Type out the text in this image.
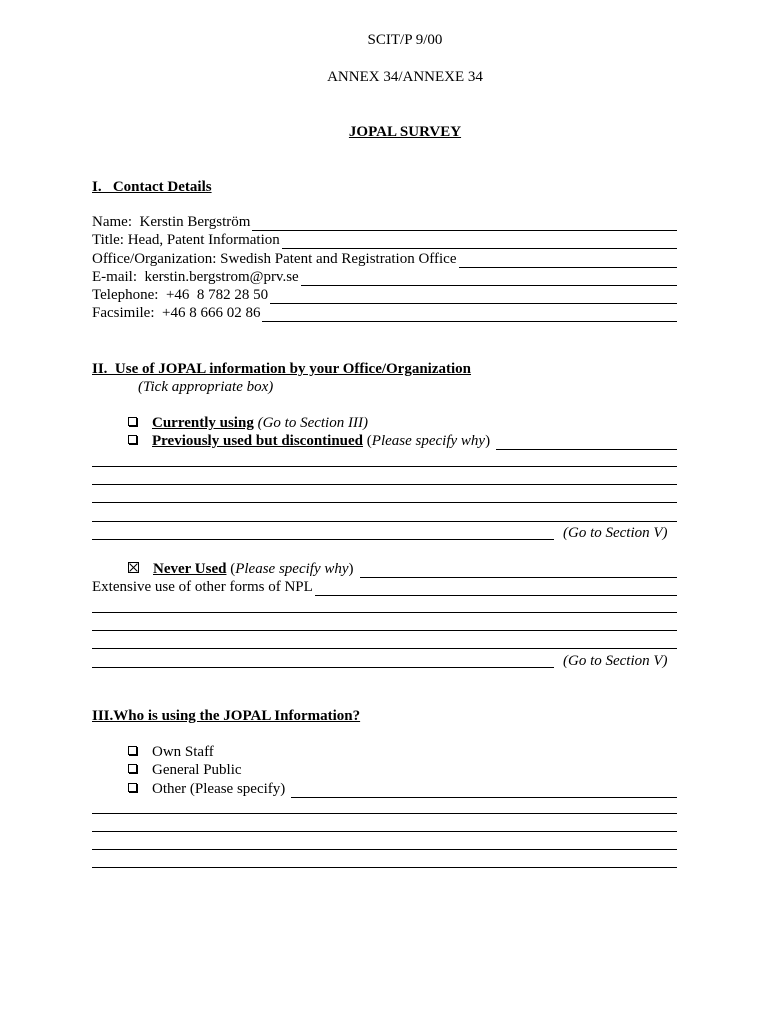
SCIT/P 9/00
ANNEX 34/ANNEXE 34
JOPAL SURVEY
I.   Contact Details
Name: Kerstin Bergström
Title: Head, Patent Information
Office/Organization: Swedish Patent and Registration Office
E-mail: kerstin.bergstrom@prv.se
Telephone: +46  8 782 28 50
Facsimile: +46 8 666 02 86
II.  Use of JOPAL information by your Office/Organization
(Tick appropriate box)
Currently using (Go to Section III)
Previously used but discontinued (Please specify why)
(Go to Section V)
Never Used (Please specify why)
Extensive use of other forms of NPL
(Go to Section V)
III.Who is using the JOPAL Information?
Own Staff
General Public
Other (Please specify)
